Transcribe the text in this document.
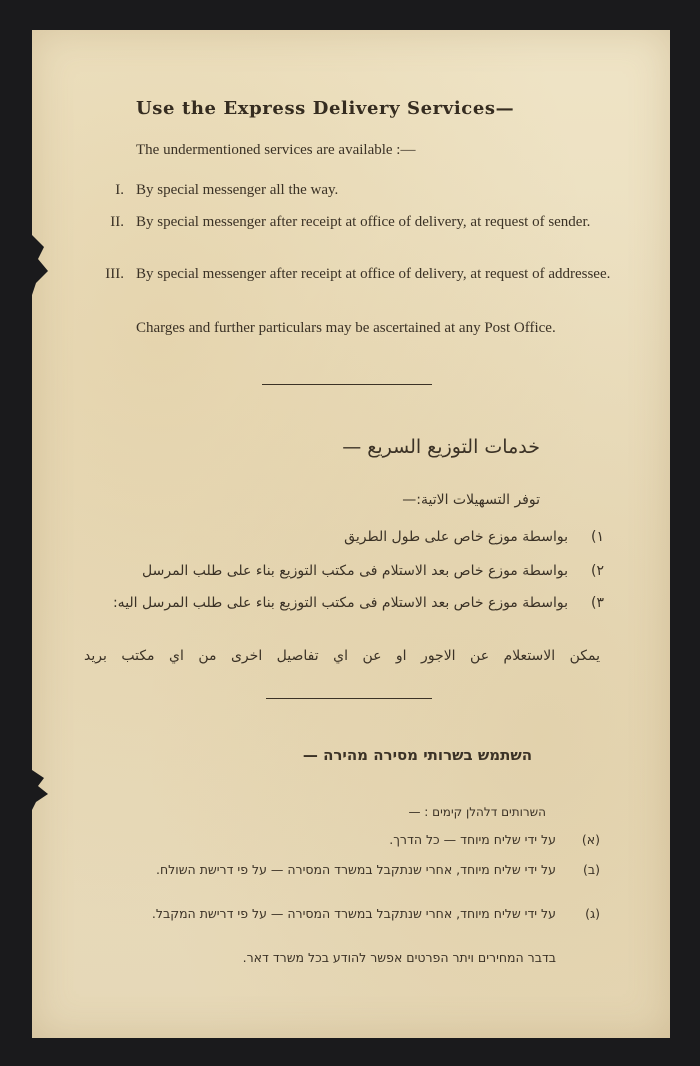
Use the Express Delivery Services—
The undermentioned services are available :—
I. By special messenger all the way.
II. By special messenger after receipt at office of delivery, at request of sender.
III. By special messenger after receipt at office of delivery, at request of addressee.
Charges and further particulars may be ascertained at any Post Office.
خدمات التوزيع السريع —
توفر التسهيلات الاتية:—
١)
بواسطة موزع خاص على طول الطريق
٢)
بواسطة موزع خاص بعد الاستلام فى مكتب التوزيع بناء على طلب المرسل
٣)
بواسطة موزع خاص بعد الاستلام فى مكتب التوزيع بناء على طلب المرسل اليه:
يمكن الاستعلام عن الاجور او عن اي تفاصيل اخرى من اي مكتب بريد
השתמש בשרותי מסירה מהירה —
השרותים דלהלן קימים : —
(א)
על ידי שליח מיוחד — כל הדרך.
(ב)
על ידי שליח מיוחד, אחרי שנתקבל במשרד המסירה — על פי דרישת השולח.
(ג)
על ידי שליח מיוחד, אחרי שנתקבל במשרד המסירה — על פי דרישת המקבל.
בדבר המחירים ויתר הפרטים אפשר להודע בכל משרד דאר.
